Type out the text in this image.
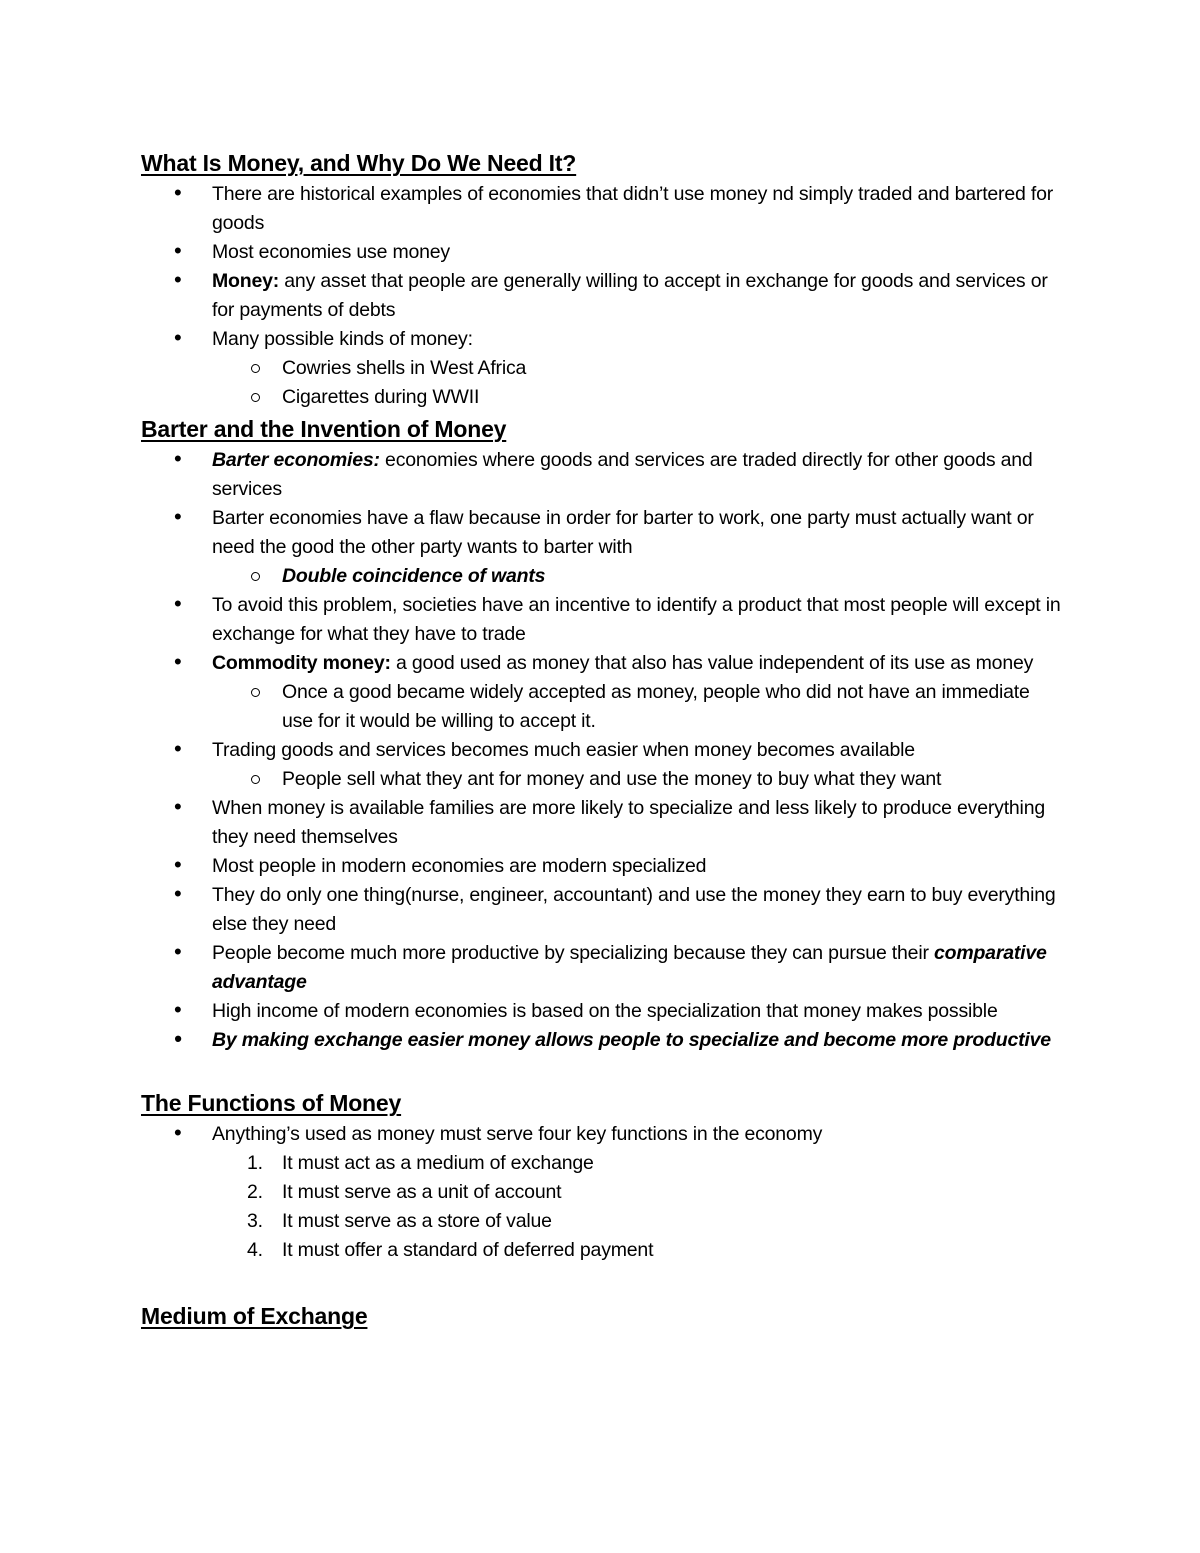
What Is Money, and Why Do We Need It?
• There are historical examples of economies that didn’t use money nd simply traded and bartered for goods
• Most economies use money
• Money: any asset that people are generally willing to accept in exchange for goods and services or for payments of debts
• Many possible kinds of money:
Cowries shells in West Africa
Cigarettes during WWII
Barter and the Invention of Money
• Barter economies: economies where goods and services are traded directly for other goods and services
• Barter economies have a flaw because in order for barter to work, one party must actually want or need the good the other party wants to barter with
Double coincidence of wants
• To avoid this problem, societies have an incentive to identify a product that most people will except in exchange for what they have to trade
• Commodity money: a good used as money that also has value independent of its use as money
Once a good became widely accepted as money, people who did not have an immediate use for it would be willing to accept it.
• Trading goods and services becomes much easier when money becomes available
People sell what they ant for money and use the money to buy what they want
• When money is available families are more likely to specialize and less likely to produce everything they need themselves
• Most people in modern economies are modern specialized
• They do only one thing(nurse, engineer, accountant) and use the money they earn to buy everything else they need
• People become much more productive by specializing because they can pursue their comparative advantage
• High income of modern economies is based on the specialization that money makes possible
• By making exchange easier money allows people to specialize and become more productive
The Functions of Money
• Anything’s used as money must serve four key functions in the economy
1. It must act as a medium of exchange
2. It must serve as a unit of account
3. It must serve as a store of value
4. It must offer a standard of deferred payment
Medium of Exchange
